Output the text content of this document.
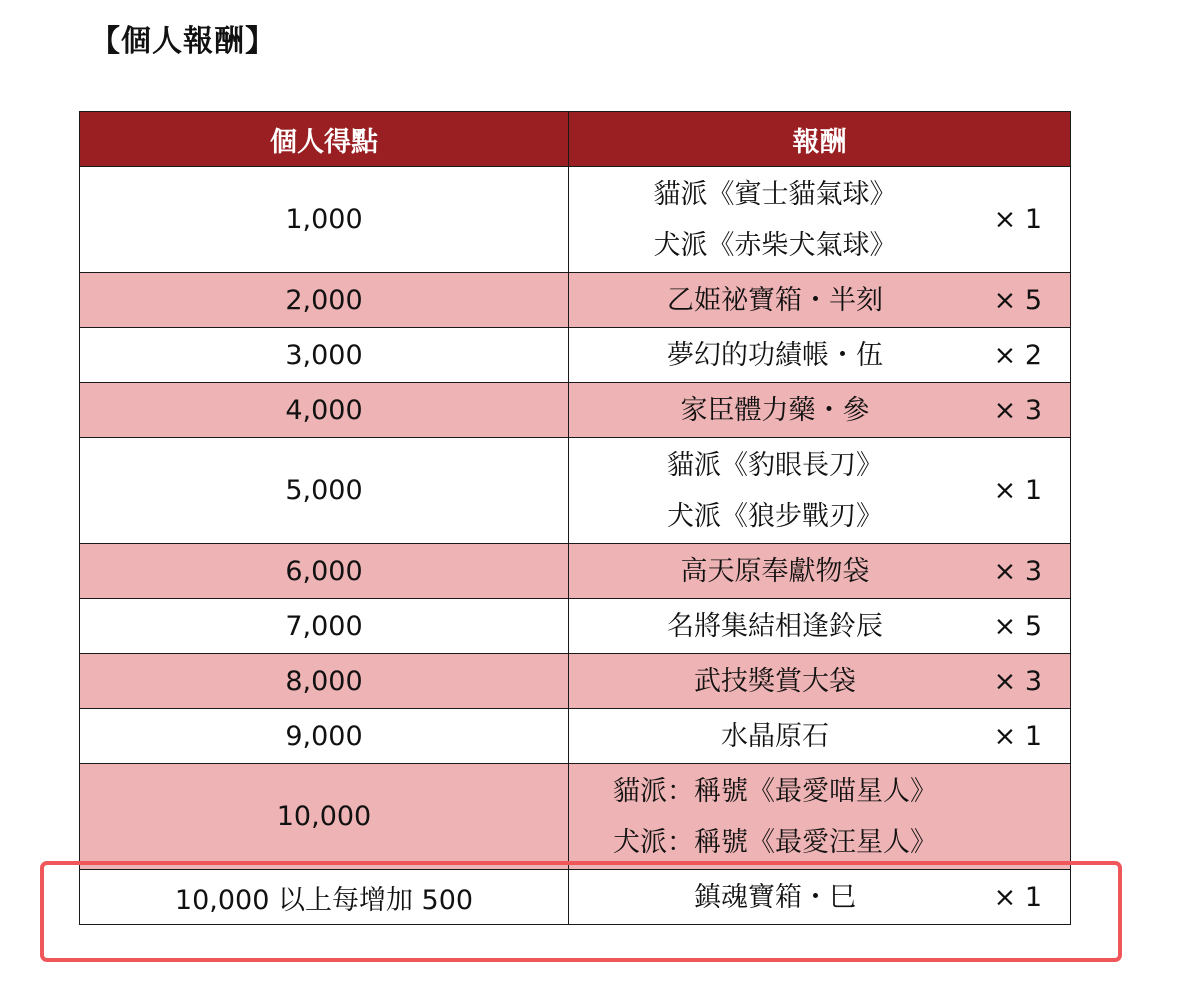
【個人報酬】
個人得點	報酬
1,000	貓派《賓士貓氣球》
犬派《赤柴犬氣球》
× 1

2,000	乙姫祕寶箱・半刻 × 5

3,000	夢幻的功績帳・伍 × 2

4,000	家臣體力藥・參 × 3

5,000	貓派《豹眼長刀》
犬派《狼步戰刃》
× 1

6,000	高天原奉獻物袋 × 3

7,000	名將集結相逢鈴辰 × 5

8,000	武技獎賞大袋 × 3

9,000	水晶原石 × 1

10,000	貓派：稱號《最愛喵星人》
犬派：稱號《最愛汪星人》

10,000 以上每增加 500	鎮魂寶箱・巳 × 1
